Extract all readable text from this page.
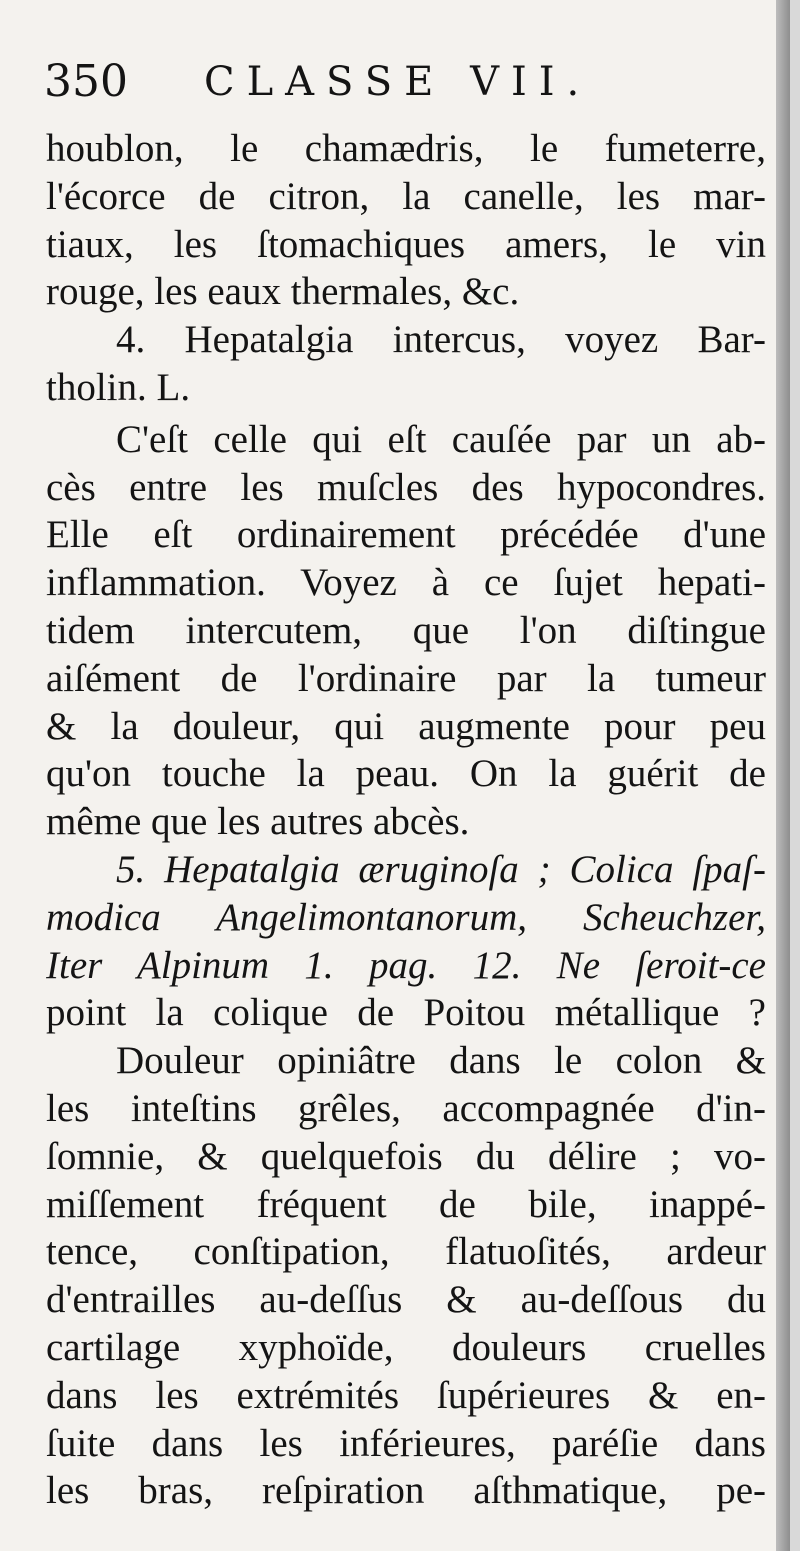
350 CLASSE VII.
houblon, le chamædris, le fumeterre,
l'écorce de citron, la canelle, les mar-
tiaux, les ſtomachiques amers, le vin
rouge, les eaux thermales, &c.
4. Hepatalgia intercus, voyez Bar-
tholin. L.
C'eſt celle qui eſt cauſée par un ab-
cès entre les muſcles des hypocondres.
Elle eſt ordinairement précédée d'une
inflammation. Voyez à ce ſujet hepati-
tidem intercutem, que l'on diſtingue
aiſément de l'ordinaire par la tumeur
& la douleur, qui augmente pour peu
qu'on touche la peau. On la guérit de
même que les autres abcès.
5. Hepatalgia æruginoſa ; Colica ſpaſ-
modica Angelimontanorum, Scheuchzer,
Iter Alpinum 1. pag. 12. Ne ſeroit-ce
point la colique de Poitou métallique ?
Douleur opiniâtre dans le colon &
les inteſtins grêles, accompagnée d'in-
ſomnie, & quelquefois du délire ; vo-
miſſement fréquent de bile, inappé-
tence, conſtipation, flatuoſités, ardeur
d'entrailles au-deſſus & au-deſſous du
cartilage xyphoïde, douleurs cruelles
dans les extrémités ſupérieures & en-
ſuite dans les inférieures, paréſie dans
les bras, reſpiration aſthmatique, pe-
